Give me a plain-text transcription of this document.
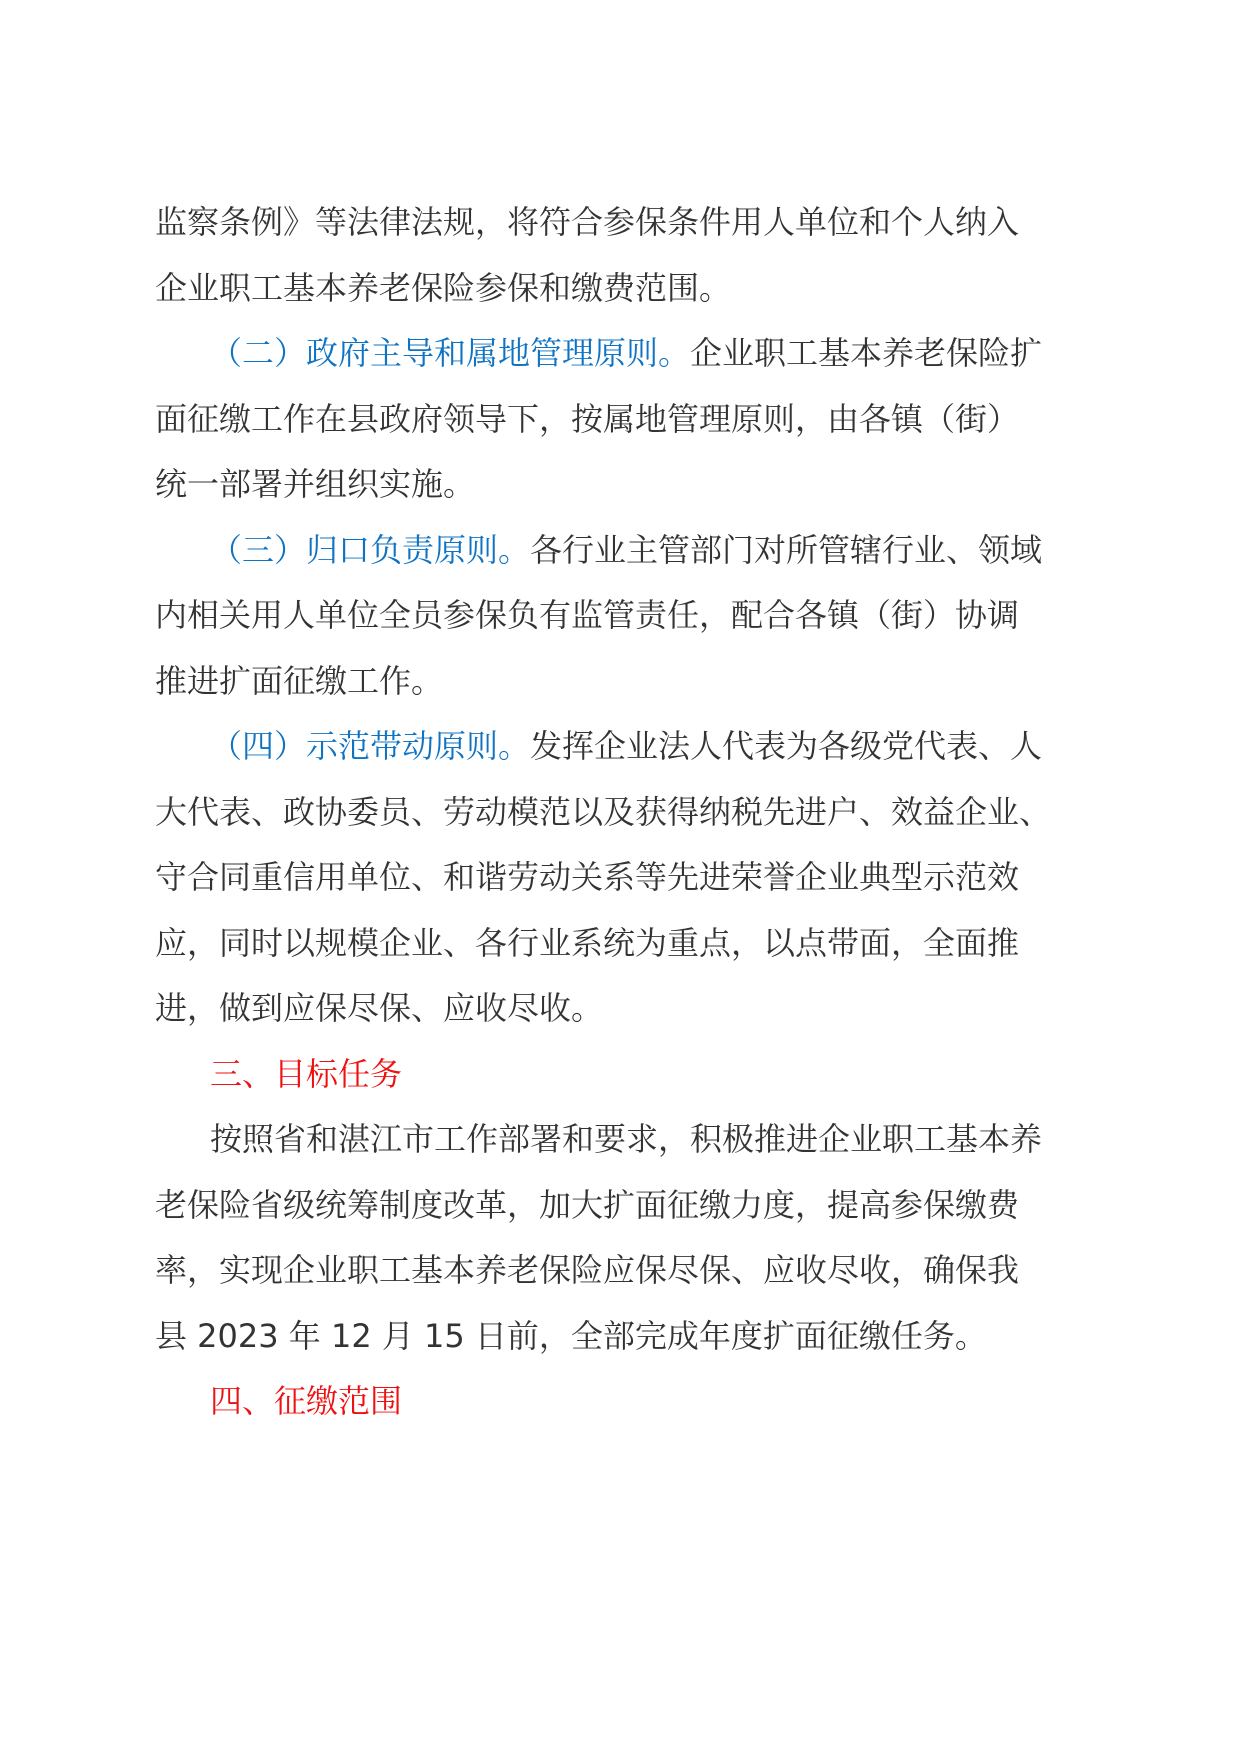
监察条例》等法律法规，将符合参保条件用人单位和个人纳入
企业职工基本养老保险参保和缴费范围。
（二）政府主导和属地管理原则。企业职工基本养老保险扩
面征缴工作在县政府领导下，按属地管理原则，由各镇（街）
统一部署并组织实施。
（三）归口负责原则。各行业主管部门对所管辖行业、领域
内相关用人单位全员参保负有监管责任，配合各镇（街）协调
推进扩面征缴工作。
（四）示范带动原则。发挥企业法人代表为各级党代表、人
大代表、政协委员、劳动模范以及获得纳税先进户、效益企业、
守合同重信用单位、和谐劳动关系等先进荣誉企业典型示范效
应，同时以规模企业、各行业系统为重点，以点带面，全面推
进，做到应保尽保、应收尽收。
三、目标任务
按照省和湛江市工作部署和要求，积极推进企业职工基本养
老保险省级统筹制度改革，加大扩面征缴力度，提高参保缴费
率，实现企业职工基本养老保险应保尽保、应收尽收，确保我
县 2023 年 12 月 15 日前，全部完成年度扩面征缴任务。
四、征缴范围
